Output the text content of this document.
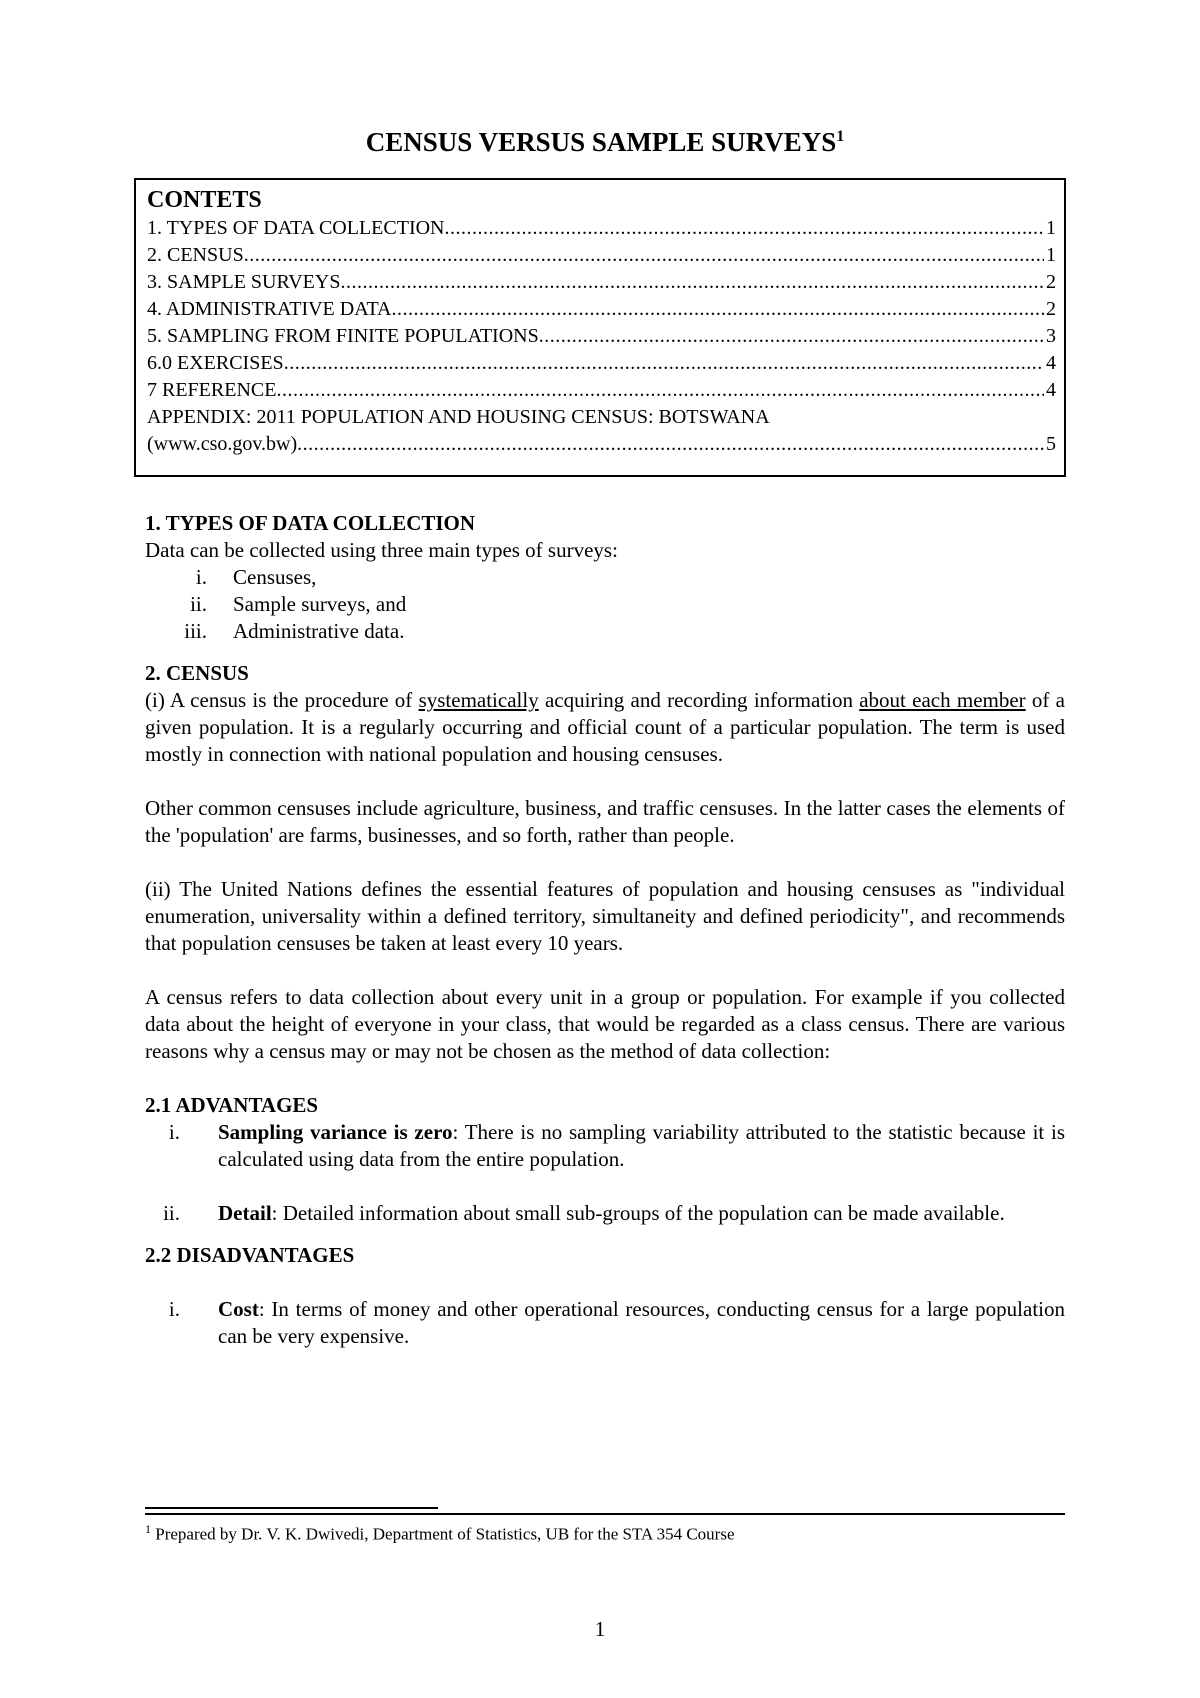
CENSUS VERSUS SAMPLE SURVEYS$^1$
CONTETS
1. TYPES OF DATA COLLECTION .....	1
2. CENSUS .....	1
3. SAMPLE SURVEYS .....	2
4. ADMINISTRATIVE DATA .....	2
5. SAMPLING FROM FINITE POPULATIONS .....	3
6.0 EXERCISES .....	4
7 REFERENCE .....	4
APPENDIX: 2011 POPULATION AND HOUSING CENSUS: BOTSWANA
(www.cso.gov.bw) .....	5
1. TYPES OF DATA COLLECTION

Data can be collected using three main types of surveys:

i.	Censuses,
ii.	Sample surveys, and
iii.	Administrative data.
2. CENSUS

(i) A census is the procedure of systematically acquiring and recording information about each member of a given population. It is a regularly occurring and official count of a particular population. The term is used mostly in connection with national population and housing censuses.

Other common censuses include agriculture, business, and traffic censuses. In the latter cases the elements of the 'population' are farms, businesses, and so forth, rather than people.

(ii) The United Nations defines the essential features of population and housing censuses as "individual enumeration, universality within a defined territory, simultaneity and defined periodicity", and recommends that population censuses be taken at least every 10 years.

A census refers to data collection about every unit in a group or population. For example if you collected data about the height of everyone in your class, that would be regarded as a class census. There are various reasons why a census may or may not be chosen as the method of data collection:

2.1 ADVANTAGES
i.	Sampling variance is zero: There is no sampling variability attributed to the statistic because it is calculated using data from the entire population.
ii.	Detail: Detailed information about small sub-groups of the population can be made available.
2.2 DISADVANTAGES
i.	Cost: In terms of money and other operational resources, conducting census for a large population can be very expensive.
$^1$ Prepared by Dr. V. K. Dwivedi, Department of Statistics, UB for the STA 354 Course
1
